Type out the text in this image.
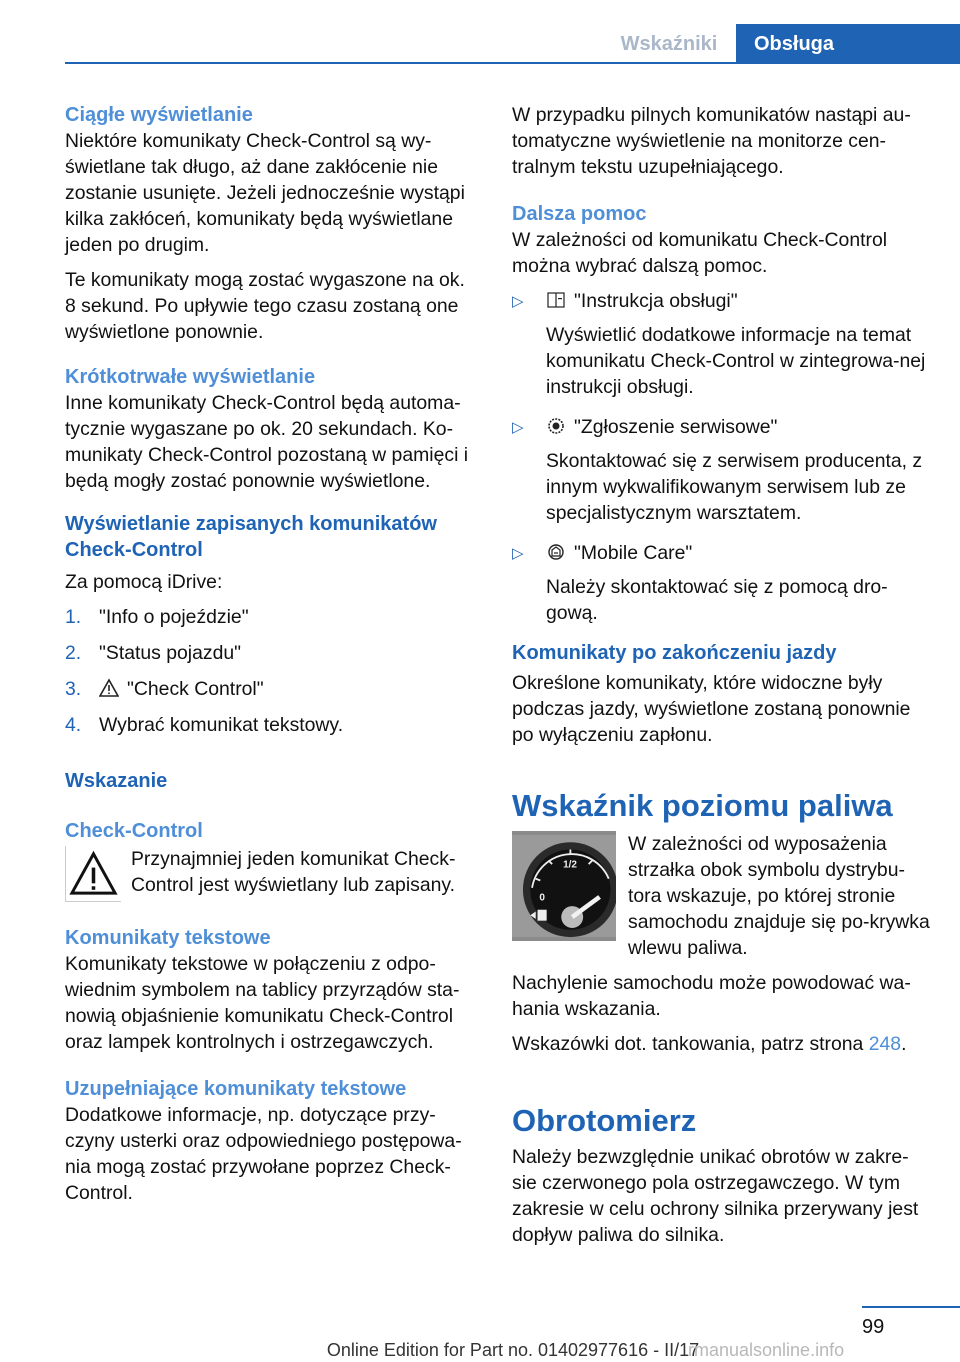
Wskaźniki	Obsługa
Ciągłe wyświetlanie

Niektóre komunikaty Check-Control są wy-świetlane tak długo, aż dane zakłócenie nie zostanie usunięte. Jeżeli jednocześnie wystąpi kilka zakłóceń, komunikaty będą wyświetlane jeden po drugim.

Te komunikaty mogą zostać wygaszone na ok. 8 sekund. Po upływie tego czasu zostaną one wyświetlone ponownie.

Krótkotrwałe wyświetlanie

Inne komunikaty Check-Control będą automa-tycznie wygaszane po ok. 20 sekundach. Ko-munikaty Check-Control pozostaną w pamięci i będą mogły zostać ponownie wyświetlone.

Wyświetlanie zapisanych komunikatów Check-Control

Za pomocą iDrive:

1. "Info o pojeździe"
2. "Status pojazdu"
3.	"Check Control"
4. Wybrać komunikat tekstowy.
Wskazanie
Check-Control

Przynajmniej jeden komunikat Check-Control jest wyświetlany lub zapisany.

Komunikaty tekstowe

Komunikaty tekstowe w połączeniu z odpo-wiednim symbolem na tablicy przyrządów sta-nowią objaśnienie komunikatu Check-Control oraz lampek kontrolnych i ostrzegawczych.

Uzupełniające komunikaty tekstowe

Dodatkowe informacje, np. dotyczące przy-czyny usterki oraz odpowiedniego postępowa-nia mogą zostać przywołane poprzez Check-Control.

W przypadku pilnych komunikatów nastąpi au-tomatyczne wyświetlenie na monitorze cen-tralnym tekstu uzupełniającego.

Dalsza pomoc

W zależności od komunikatu Check-Control można wybrać dalszą pomoc.

▷	"Instrukcja obsługi"
Wyświetlić dodatkowe informacje na temat komunikatu Check-Control w zintegrowa-nej instrukcji obsługi.
▷	"Zgłoszenie serwisowe"
Skontaktować się z serwisem producenta, z innym wykwalifikowanym serwisem lub ze specjalistycznym warsztatem.
▷	"Mobile Care"
Należy skontaktować się z pomocą dro-gową.
Komunikaty po zakończeniu jazdy

Określone komunikaty, które widoczne były podczas jazdy, wyświetlone zostaną ponownie po wyłączeniu zapłonu.

Wskaźnik poziomu paliwa
1/2
0

W zależności od wyposażenia strzałka obok symbolu dystrybu-tora wskazuje, po której stronie samochodu znajduje się po-krywka wlewu paliwa.

Nachylenie samochodu może powodować wa-hania wskazania.

Wskazówki dot. tankowania, patrz strona 248.

Obrotomierz

Należy bezwzględnie unikać obrotów w zakre-sie czerwonego pola ostrzegawczego. W tym zakresie w celu ochrony silnika przerywany jest dopływ paliwa do silnika.

99
Online Edition for Part no. 01402977616 - II/17
rmanualsonline.info
